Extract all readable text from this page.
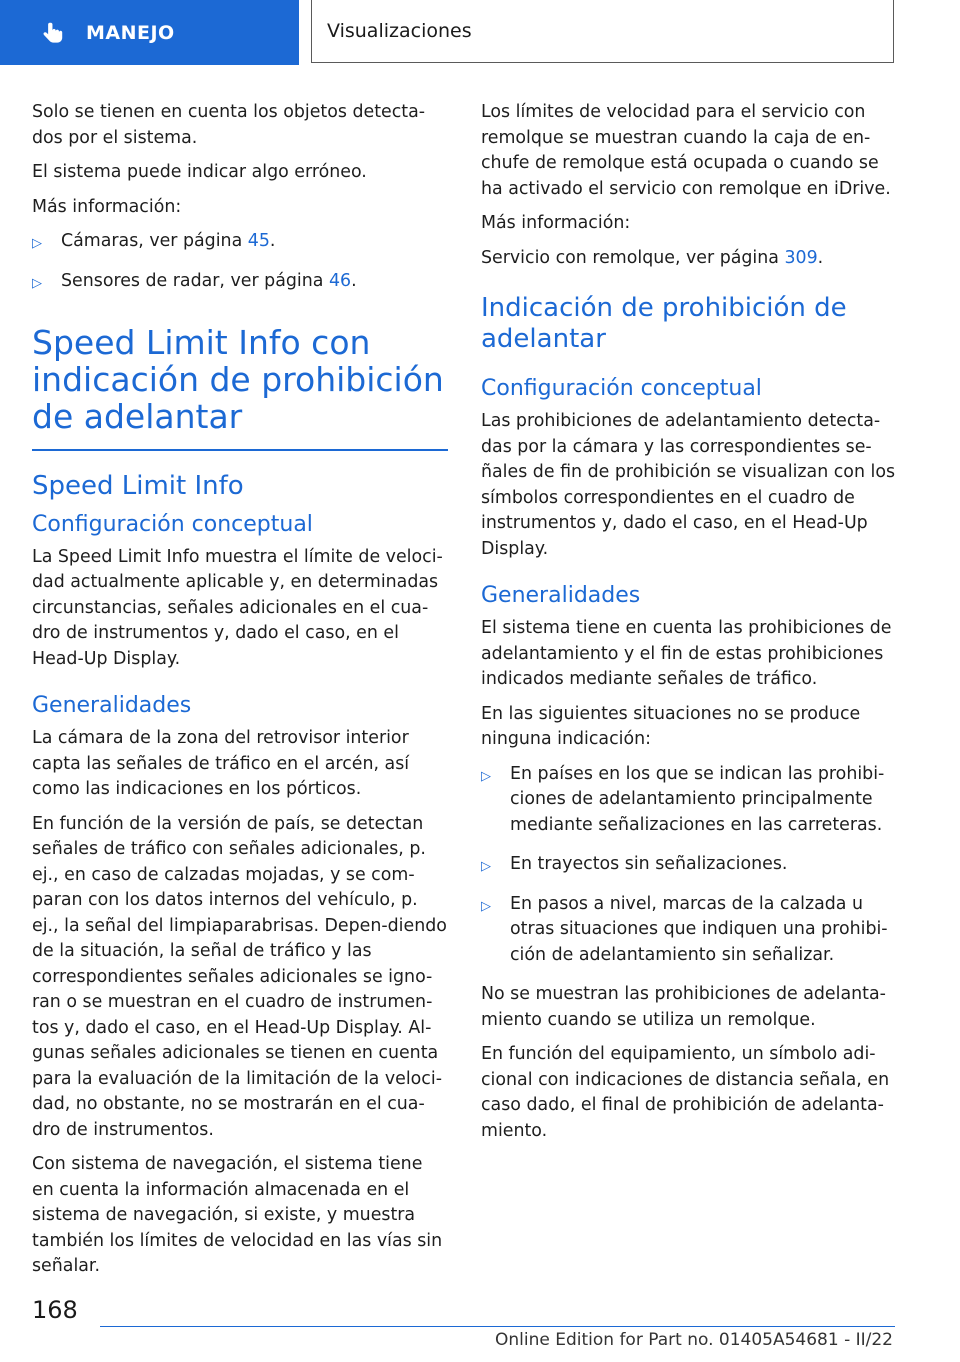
MANEJO	Visualizaciones

Solo se tienen en cuenta los objetos detecta-dos por el sistema.

El sistema puede indicar algo erróneo.

Más información:

▷ Cámaras, ver página 45.
▷ Sensores de radar, ver página 46.
Speed Limit Info con indicación de prohibición de adelantar
Speed Limit Info
Configuración conceptual

La Speed Limit Info muestra el límite de veloci-dad actualmente aplicable y, en determinadas circunstancias, señales adicionales en el cua-dro de instrumentos y, dado el caso, en el Head-Up Display.

Generalidades

La cámara de la zona del retrovisor interior capta las señales de tráfico en el arcén, así como las indicaciones en los pórticos.

En función de la versión de país, se detectan señales de tráfico con señales adicionales, p. ej., en caso de calzadas mojadas, y se com-paran con los datos internos del vehículo, p. ej., la señal del limpiaparabrisas. Depen-diendo de la situación, la señal de tráfico y las correspondientes señales adicionales se igno-ran o se muestran en el cuadro de instrumen-tos y, dado el caso, en el Head-Up Display. Al-gunas señales adicionales se tienen en cuenta para la evaluación de la limitación de la veloci-dad, no obstante, no se mostrarán en el cua-dro de instrumentos.

Con sistema de navegación, el sistema tiene en cuenta la información almacenada en el sistema de navegación, si existe, y muestra también los límites de velocidad en las vías sin señalar.

Los límites de velocidad para el servicio con remolque se muestran cuando la caja de en-chufe de remolque está ocupada o cuando se ha activado el servicio con remolque en iDrive.

Más información:

Servicio con remolque, ver página 309.

Indicación de prohibición de adelantar
Configuración conceptual

Las prohibiciones de adelantamiento detecta-das por la cámara y las correspondientes se-ñales de fin de prohibición se visualizan con los símbolos correspondientes en el cuadro de instrumentos y, dado el caso, en el Head-Up Display.

Generalidades

El sistema tiene en cuenta las prohibiciones de adelantamiento y el fin de estas prohibiciones indicados mediante señales de tráfico.

En las siguientes situaciones no se produce ninguna indicación:

▷ En países en los que se indican las prohibi-ciones de adelantamiento principalmente mediante señalizaciones en las carreteras.
▷ En trayectos sin señalizaciones.
▷ En pasos a nivel, marcas de la calzada u otras situaciones que indiquen una prohibi-ción de adelantamiento sin señalizar.

No se muestran las prohibiciones de adelanta-miento cuando se utiliza un remolque.

En función del equipamiento, un símbolo adi-cional con indicaciones de distancia señala, en caso dado, el final de prohibición de adelanta-miento.

168
Online Edition for Part no. 01405A54681 - II/22
